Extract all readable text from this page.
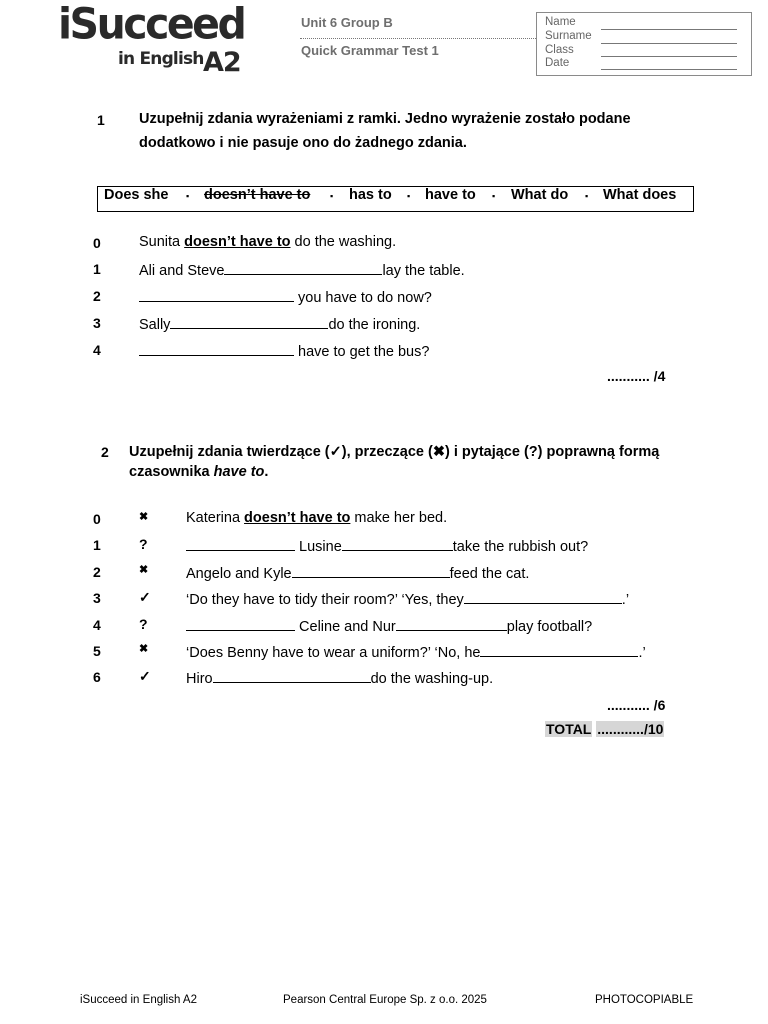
iSucceed
in English A2
Unit 6 Group B
Quick Grammar Test 1
Name
Surname
Class
Date
1 Uzupełnij zdania wyrażeniami z ramki. Jedno wyrażenie zostało podane
dodatkowo i nie pasuje ono do żadnego zdania.
Does she ▪ doesn’t have to ▪ has to ▪ have to ▪ What do ▪ What does
0	Sunita doesn’t have to do the washing.
1	Ali and Steve	lay the table.
2	you have to do now?
3	Sally	do the ironing.
4	have to get the bus?
........... /4
2 Uzupełnij zdania twierdzące (✓), przeczące (✖) i pytające (?) poprawną formą
czasownika have to.
0	✖	Katerina doesn’t have to make her bed.
1	?	Lusine	take the rubbish out?
2	✖	Angelo and Kyle	feed the cat.
3	✓ ‘Do they have to tidy their room?’ ‘Yes, they	.’
4	?	Celine and Nur	play football?
5	✖	‘Does Benny have to wear a uniform?’ ‘No, he	.’
6	✓ Hiro	do the washing-up.
........... /6
TOTAL ............/10
iSucceed in English A2	Pearson Central Europe Sp. z o.o. 2025	PHOTOCOPIABLE
